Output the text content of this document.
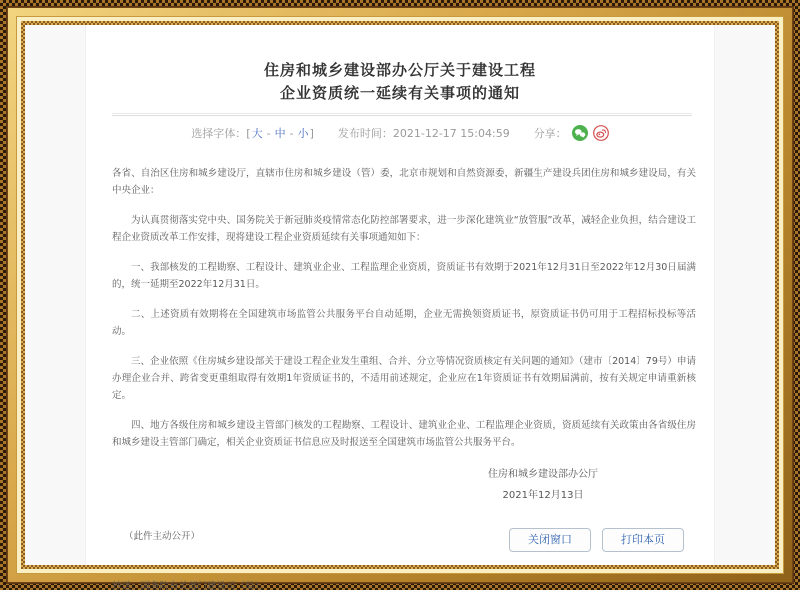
住房和城乡建设部办公厅关于建设工程
企业资质统一延续有关事项的通知
选择字体： [ 大 - 中 - 小 ] 发布时间： 2021-12-17 15:04:59 分享：

各省、自治区住房和城乡建设厅，直辖市住房和城乡建设（管）委，北京市规划和自然资源委，新疆生产建设兵团住房和城乡建设局，有关中央企业：

为认真贯彻落实党中央、国务院关于新冠肺炎疫情常态化防控部署要求，进一步深化建筑业“放管服”改革，减轻企业负担，结合建设工程企业资质改革工作安排，现将建设工程企业资质延续有关事项通知如下：

一、我部核发的工程勘察、工程设计、建筑业企业、工程监理企业资质，资质证书有效期于2021年12月31日至2022年12月30日届满的，统一延期至2022年12月31日。

二、上述资质有效期将在全国建筑市场监管公共服务平台自动延期，企业无需换领资质证书，原资质证书仍可用于工程招标投标等活动。

三、企业依照《住房城乡建设部关于建设工程企业发生重组、合并、分立等情况资质核定有关问题的通知》（建市〔2014〕79号）申请办理企业合并、跨省变更重组取得有效期1年资质证书的，不适用前述规定，企业应在1年资质证书有效期届满前，按有关规定申请重新核定。

四、地方各级住房和城乡建设主管部门核发的工程勘察、工程设计、建筑业企业、工程监理企业资质，资质延续有关政策由各省级住房和城乡建设主管部门确定，相关企业资质证书信息应及时报送至全国建筑市场监管公共服务平台。

住房和城乡建设部办公厅
2021年12月13日

（此件主动公开）

抄送：国务院有关部门建设司（局）。

关闭窗口	打印本页
